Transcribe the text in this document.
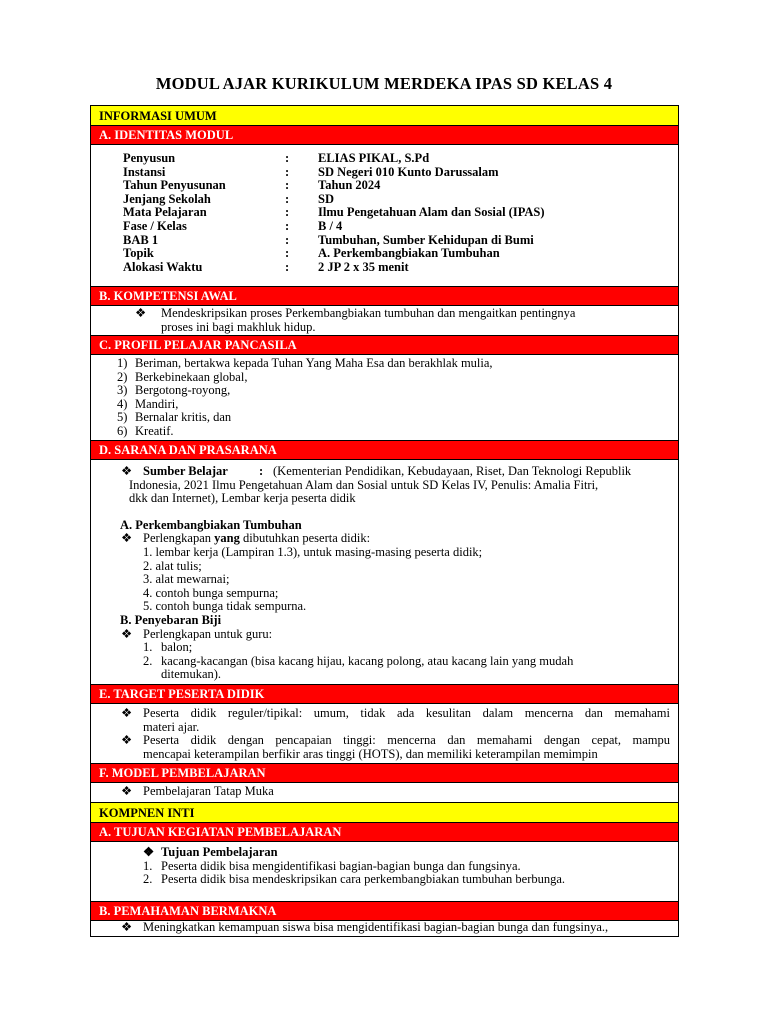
MODUL AJAR KURIKULUM MERDEKA IPAS SD KELAS 4
INFORMASI UMUM
A. IDENTITAS MODUL
Penyusun	:	ELIAS PIKAL, S.Pd
Instansi	:	SD Negeri 010 Kunto Darussalam
Tahun Penyusunan	:	Tahun 2024
Jenjang Sekolah	:	SD
Mata Pelajaran	:	Ilmu Pengetahuan Alam dan Sosial (IPAS)
Fase / Kelas	:	B / 4
BAB 1	:	Tumbuhan, Sumber Kehidupan di Bumi
Topik	:	A. Perkembangbiakan Tumbuhan
Alokasi Waktu	:	2 JP 2 x 35 menit
B. KOMPETENSI AWAL
❖	Mendeskripsikan proses Perkembangbiakan tumbuhan dan mengaitkan pentingnya
proses ini bagi makhluk hidup.
C. PROFIL PELAJAR PANCASILA
1) Beriman, bertakwa kepada Tuhan Yang Maha Esa dan berakhlak mulia,
2) Berkebinekaan global,
3) Bergotong-royong,
4) Mandiri,
5) Bernalar kritis, dan
6) Kreatif.
D. SARANA DAN PRASARANA
❖ Sumber Belajar	: (Kementerian Pendidikan, Kebudayaan, Riset, Dan Teknologi Republik
Indonesia, 2021 Ilmu Pengetahuan Alam dan Sosial untuk SD Kelas IV, Penulis: Amalia Fitri,
dkk dan Internet), Lembar kerja peserta didik
A. Perkembangbiakan Tumbuhan
❖ Perlengkapan yang dibutuhkan peserta didik:
1. lembar kerja (Lampiran 1.3), untuk masing-masing peserta didik;
2. alat tulis;
3. alat mewarnai;
4. contoh bunga sempurna;
5. contoh bunga tidak sempurna.
B. Penyebaran Biji
❖ Perlengkapan untuk guru:
1. balon;
2. kacang-kacangan (bisa kacang hijau, kacang polong, atau kacang lain yang mudah
ditemukan).
E. TARGET PESERTA DIDIK
❖ Peserta didik reguler/tipikal: umum, tidak ada kesulitan dalam mencerna dan memahami
materi ajar.
❖ Peserta didik dengan pencapaian tinggi: mencerna dan memahami dengan cepat, mampu
mencapai keterampilan berfikir aras tinggi (HOTS), dan memiliki keterampilan memimpin
F. MODEL PEMBELAJARAN
❖ Pembelajaran Tatap Muka
KOMPNEN INTI
A. TUJUAN KEGIATAN PEMBELAJARAN
❖ Tujuan Pembelajaran
1. Peserta didik bisa mengidentifikasi bagian-bagian bunga dan fungsinya.
2. Peserta didik bisa mendeskripsikan cara perkembangbiakan tumbuhan berbunga.
B. PEMAHAMAN BERMAKNA
❖ Meningkatkan kemampuan siswa bisa mengidentifikasi bagian-bagian bunga dan fungsinya.,
